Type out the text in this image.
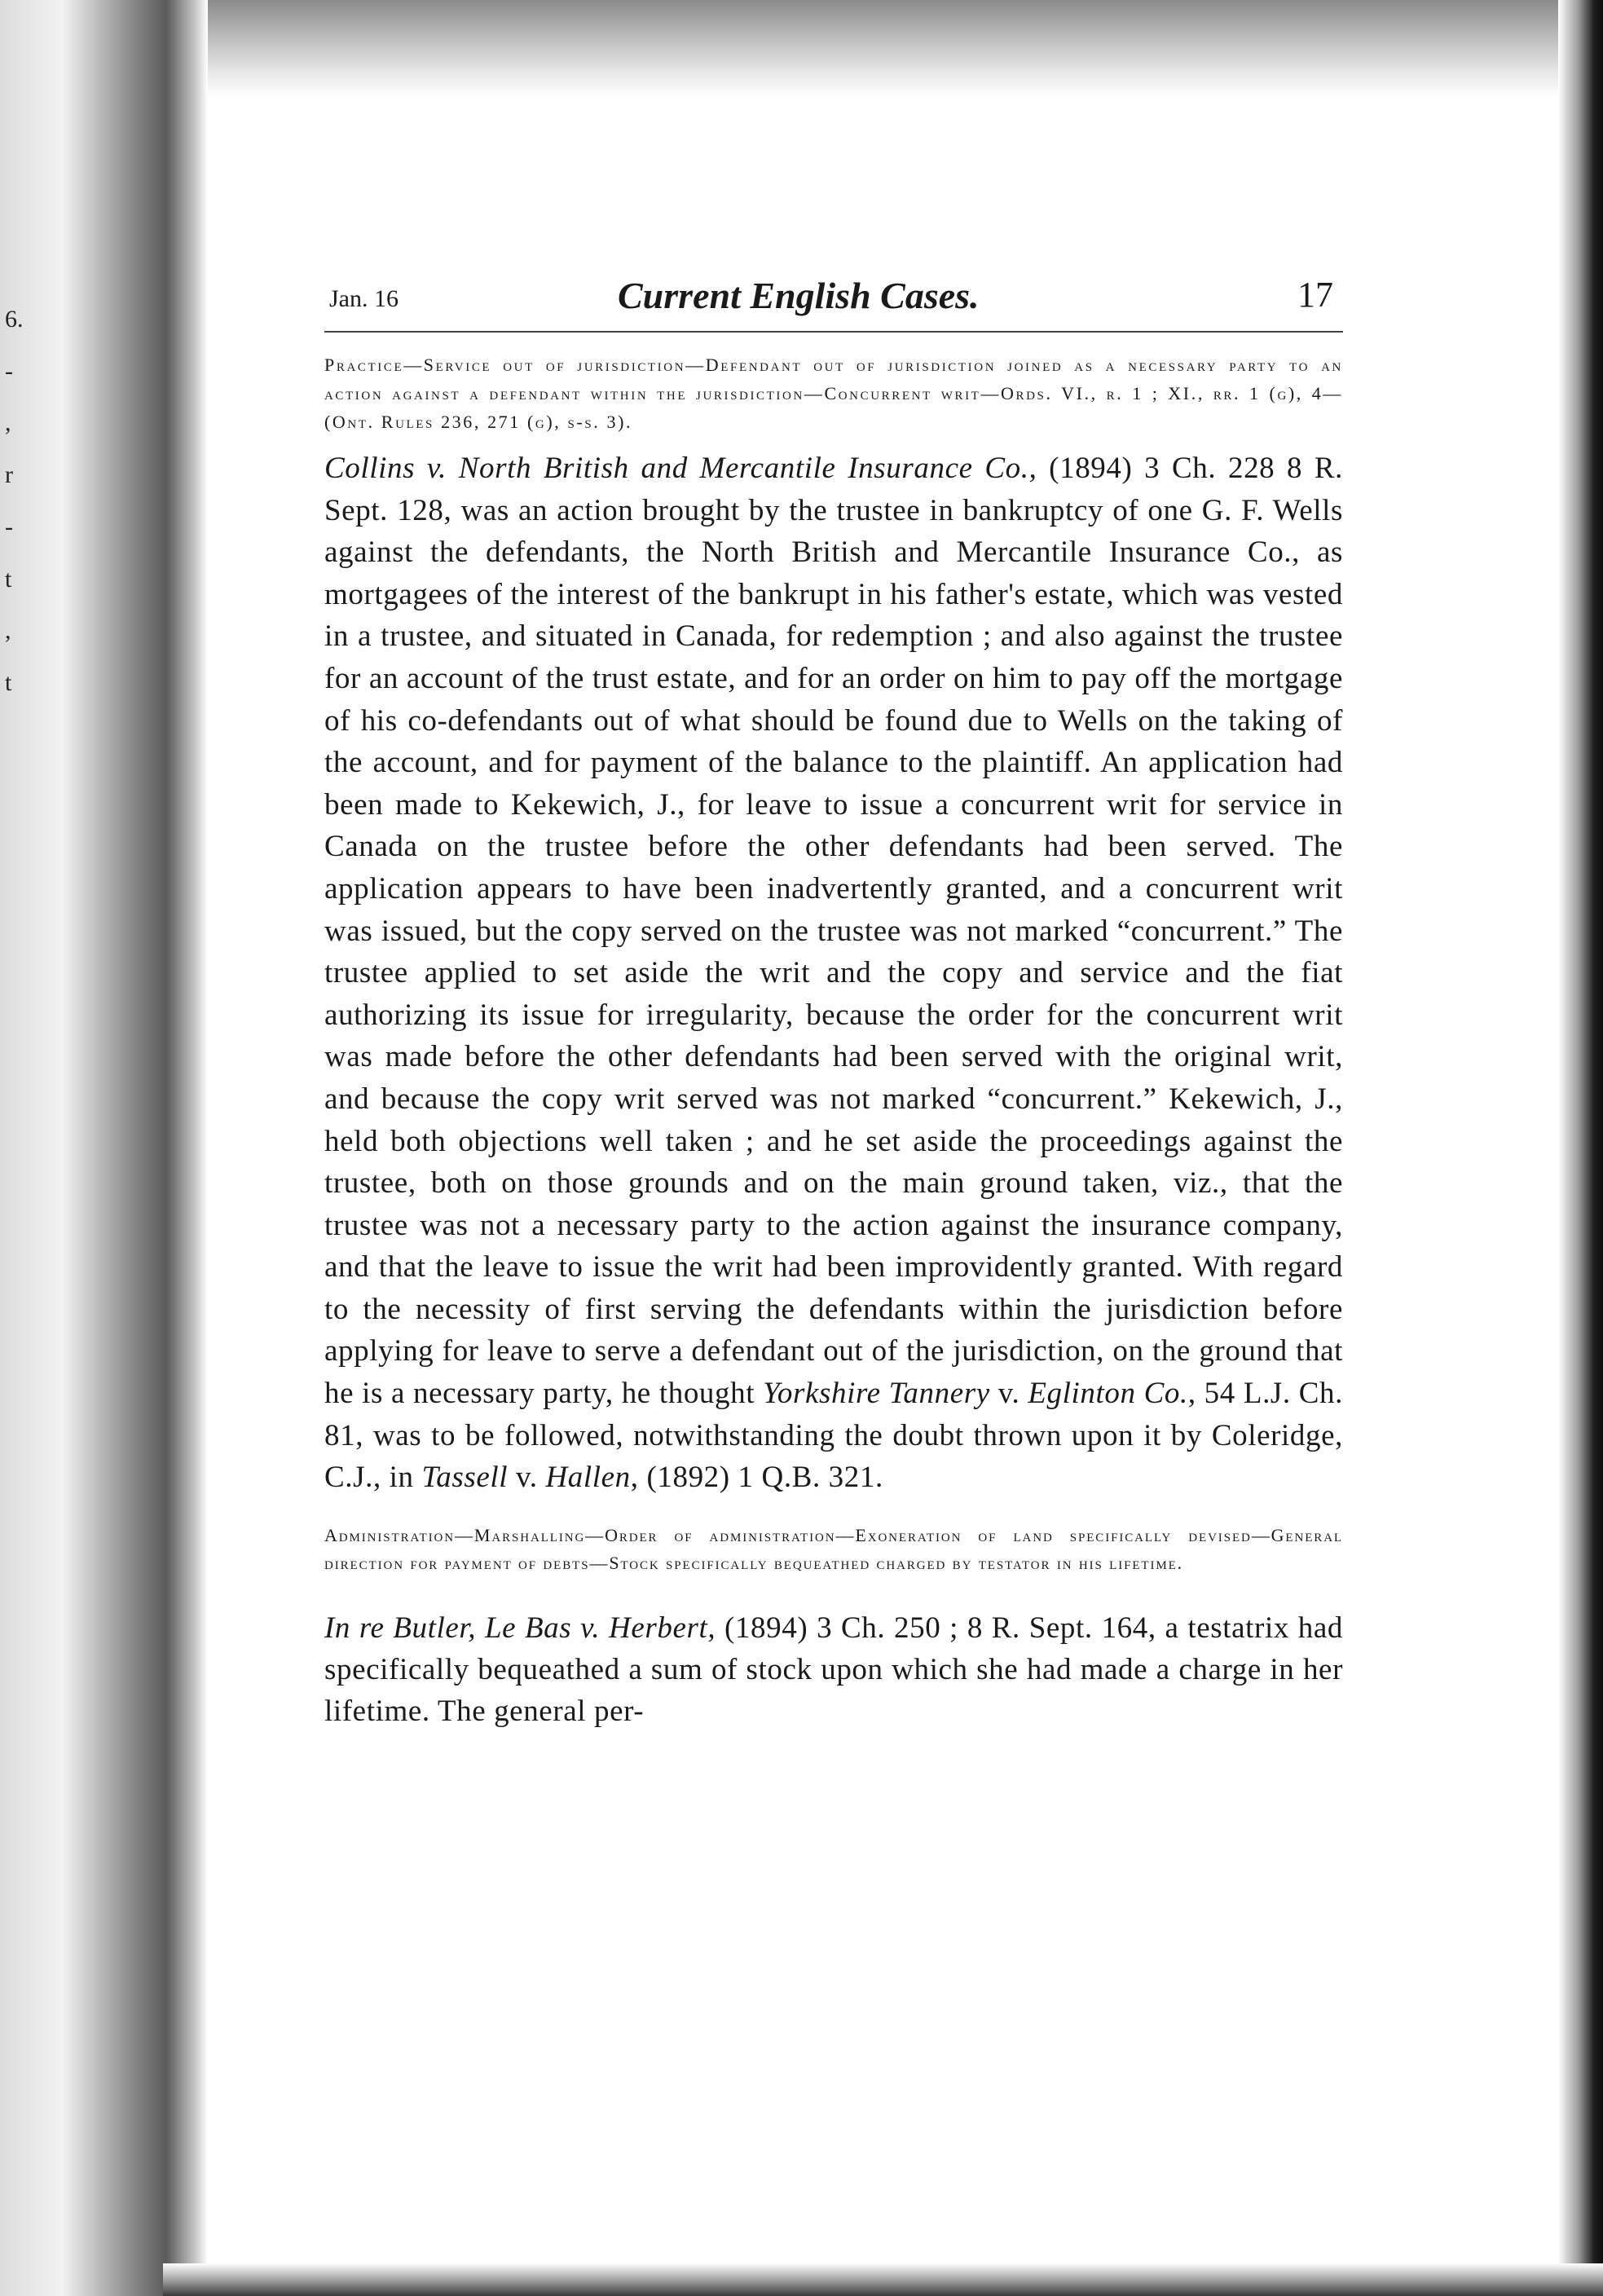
6.
-
,
r
-
t
,
t
Jan. 16	Current English Cases.	17
Practice—Service out of jurisdiction—Defendant out of jurisdiction joined as a necessary party to an action against a defendant within the jurisdiction—Concurrent writ—Ords. VI., r. 1 ; XI., rr. 1 (g), 4—(Ont. Rules 236, 271 (g), s-s. 3).

Collins v. North British and Mercantile Insurance Co., (1894) 3 Ch. 228 8 R. Sept. 128, was an action brought by the trustee in bankruptcy of one G. F. Wells against the defendants, the North British and Mercantile Insurance Co., as mortgagees of the interest of the bankrupt in his father's estate, which was vested in a trustee, and situated in Canada, for redemption ; and also against the trustee for an account of the trust estate, and for an order on him to pay off the mortgage of his co-defendants out of what should be found due to Wells on the taking of the account, and for payment of the balance to the plaintiff. An application had been made to Kekewich, J., for leave to issue a concurrent writ for service in Canada on the trustee before the other defendants had been served. The application appears to have been inadvertently granted, and a concurrent writ was issued, but the copy served on the trustee was not marked “concurrent.” The trustee applied to set aside the writ and the copy and service and the fiat authorizing its issue for irregularity, because the order for the concurrent writ was made before the other defendants had been served with the original writ, and because the copy writ served was not marked “concurrent.” Kekewich, J., held both objections well taken ; and he set aside the proceedings against the trustee, both on those grounds and on the main ground taken, viz., that the trustee was not a necessary party to the action against the insurance company, and that the leave to issue the writ had been improvidently granted. With regard to the necessity of first serving the defendants within the jurisdiction before applying for leave to serve a defendant out of the jurisdiction, on the ground that he is a necessary party, he thought Yorkshire Tannery v. Eglinton Co., 54 L.J. Ch. 81, was to be followed, notwithstanding the doubt thrown upon it by Coleridge, C.J., in Tassell v. Hallen, (1892) 1 Q.B. 321.

Administration—Marshalling—Order of administration—Exoneration of land specifically devised—General direction for payment of debts—Stock specifically bequeathed charged by testator in his lifetime.

In re Butler, Le Bas v. Herbert, (1894) 3 Ch. 250 ; 8 R. Sept. 164, a testatrix had specifically bequeathed a sum of stock upon which she had made a charge in her lifetime. The general per-
